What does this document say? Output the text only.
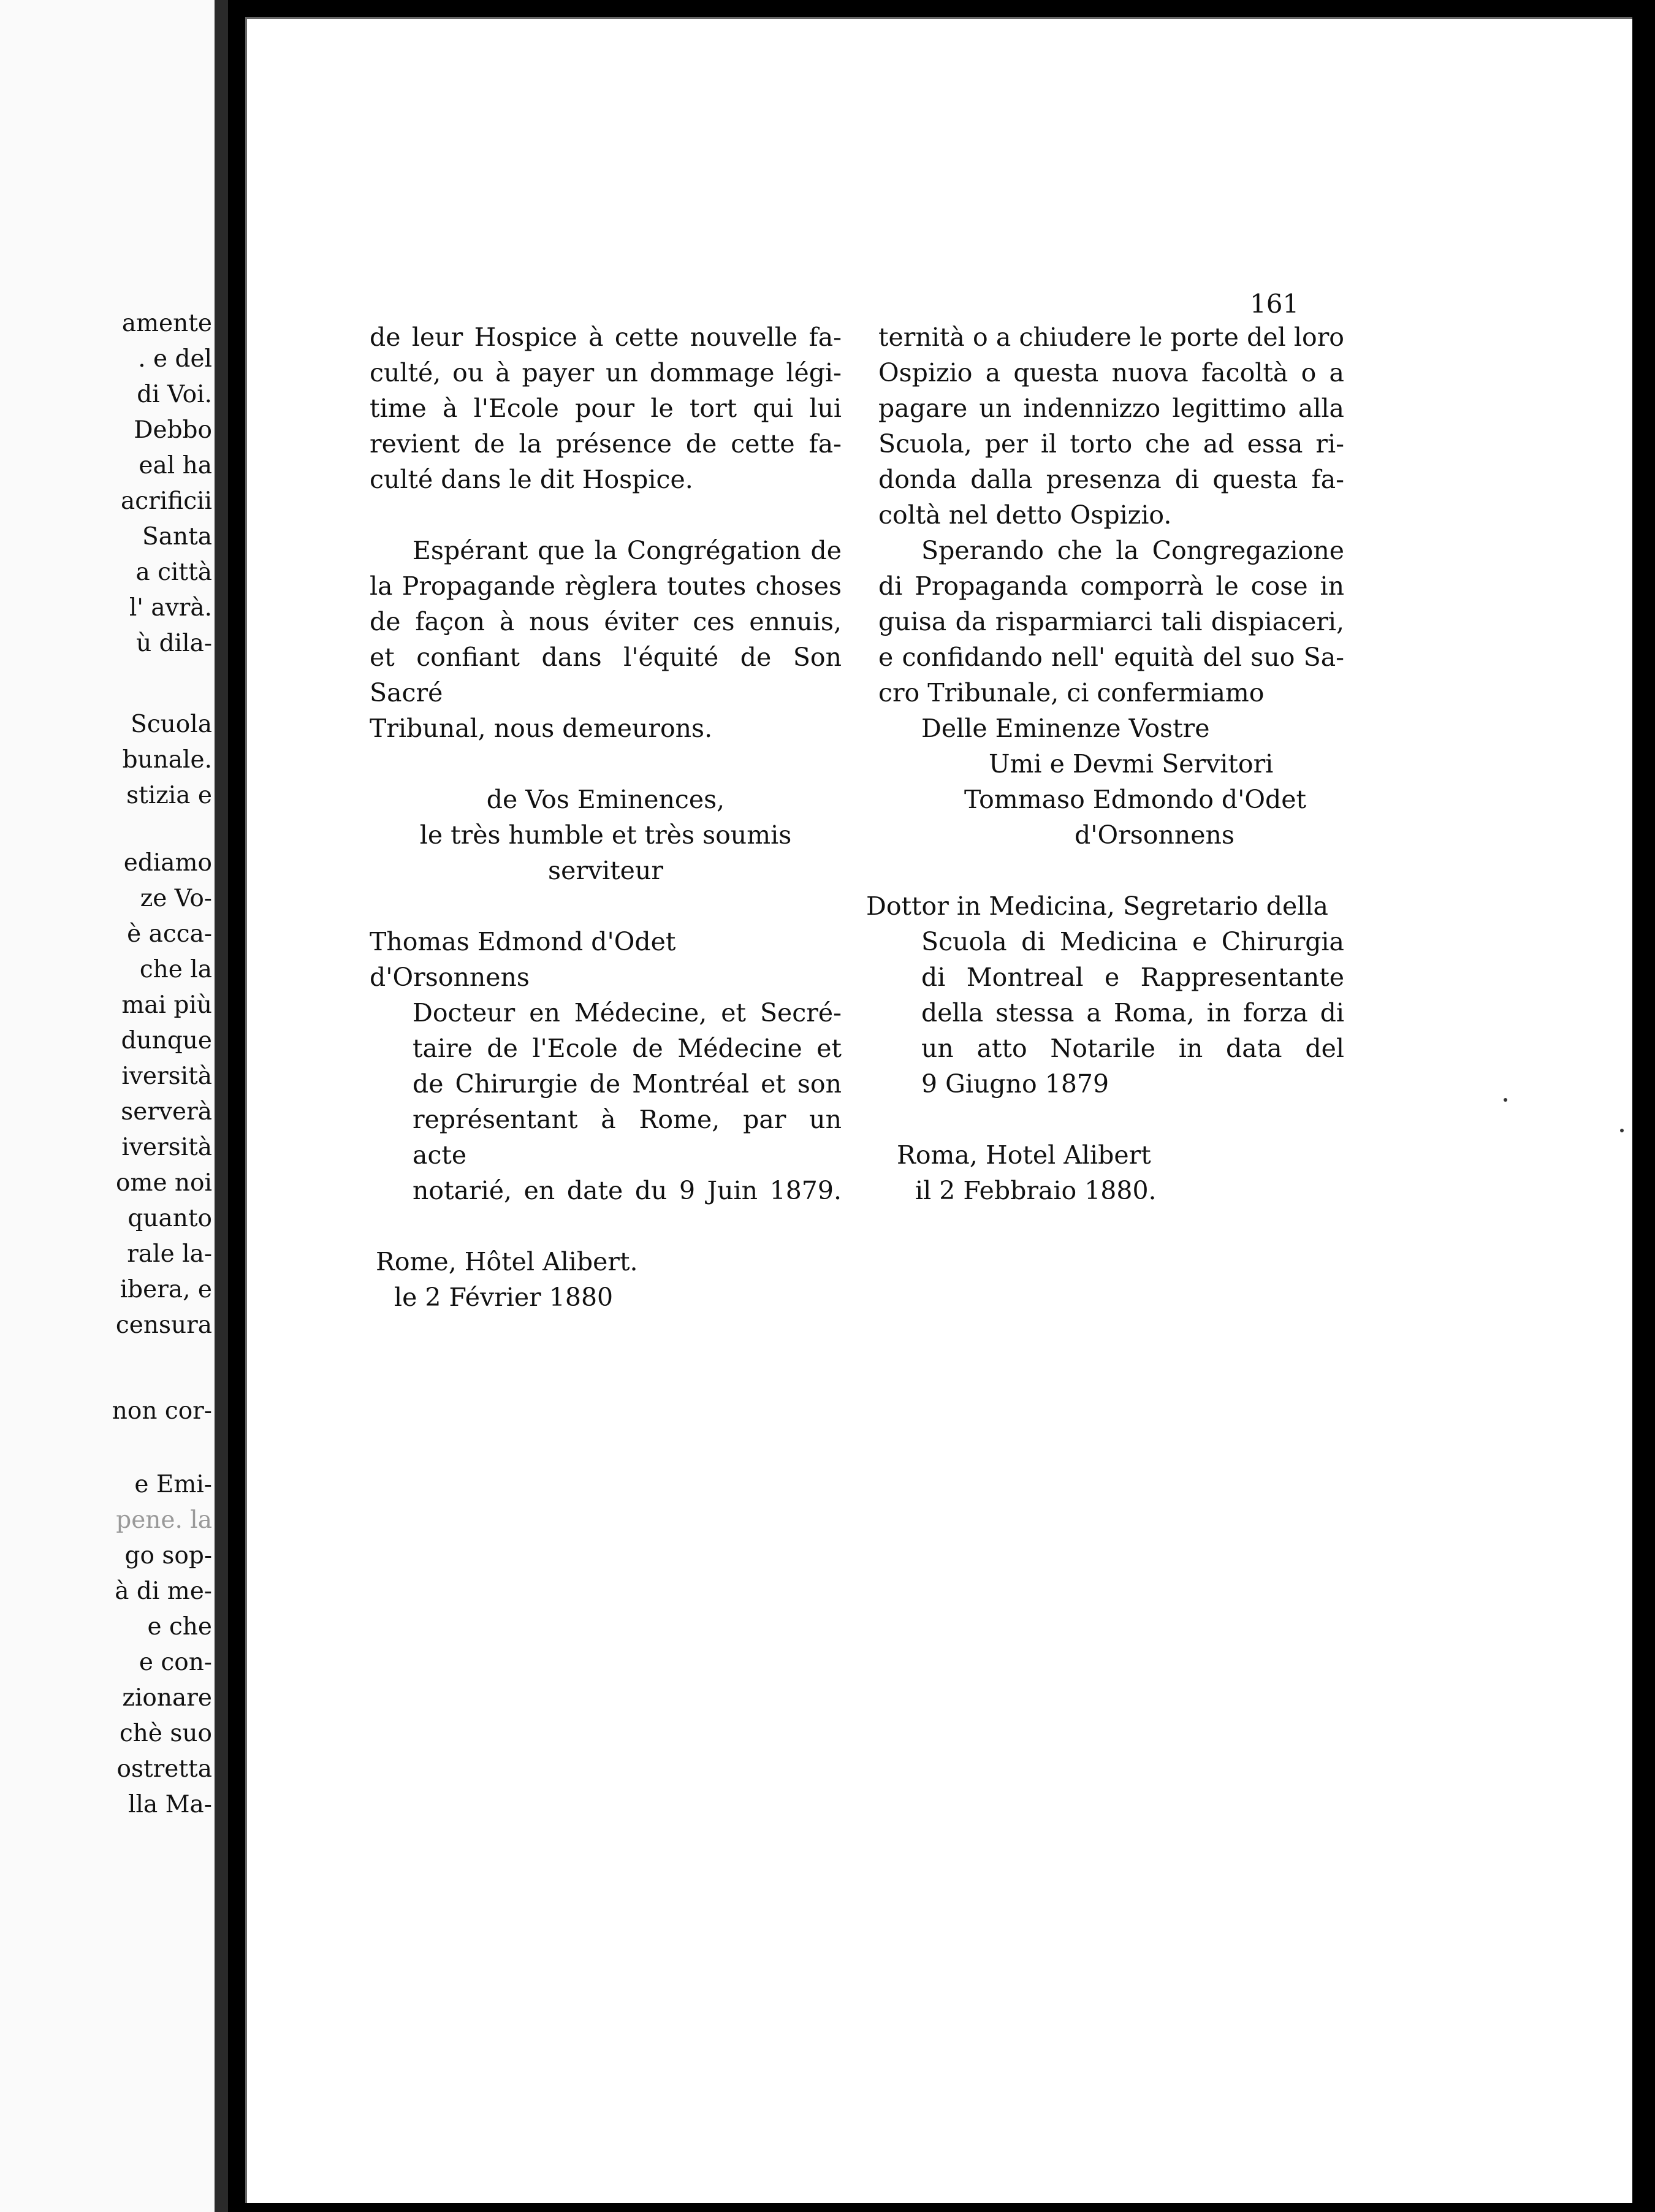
amente
. e del
di Voi.
Debbo
eal ha
acrificii
Santa
a città
l' avrà.
ù dila-
Scuola
bunale.
stizia e
ediamo
ze Vo-
è acca-
che la
mai più
dunque
iversità
serverà
iversità
ome noi
quanto
rale la-
ibera, e
censura
non cor-
e Emi-
pene. la
go sop-
à di me-
e che
e con-
zionare
chè suo
ostretta
lla Ma-
161
de leur Hospice à cette nouvelle fa-
culté, ou à payer un dommage légi-
time à l'Ecole pour le tort qui lui
revient de la présence de cette fa-
culté dans le dit Hospice.
Espérant que la Congrégation de
la Propagande règlera toutes choses
de façon à nous éviter ces ennuis,
et confiant dans l'équité de Son Sacré
Tribunal, nous demeurons.
de Vos Eminences,
le très humble et très soumis
serviteur
Thomas Edmond d'Odet d'Orsonnens
Docteur en Médecine, et Secré-
taire de l'Ecole de Médecine et
de Chirurgie de Montréal et son
représentant à Rome, par un acte
notarié, en date du 9 Juin 1879.
Rome, Hôtel Alibert.
le 2 Février 1880
ternità o a chiudere le porte del loro
Ospizio a questa nuova facoltà o a
pagare un indennizzo legittimo alla
Scuola, per il torto che ad essa ri-
donda dalla presenza di questa fa-
coltà nel detto Ospizio.
Sperando che la Congregazione
di Propaganda comporrà le cose in
guisa da risparmiarci tali dispiaceri,
e confidando nell' equità del suo Sa-
cro Tribunale, ci confermiamo
Delle Eminenze Vostre
Umi e Devmi Servitori
Tommaso Edmondo d'Odet
d'Orsonnens
Dottor in Medicina, Segretario della
Scuola di Medicina e Chirurgia
di Montreal e Rappresentante
della stessa a Roma, in forza di
un atto Notarile in data del
9 Giugno 1879
Roma, Hotel Alibert
il 2 Febbraio 1880.
